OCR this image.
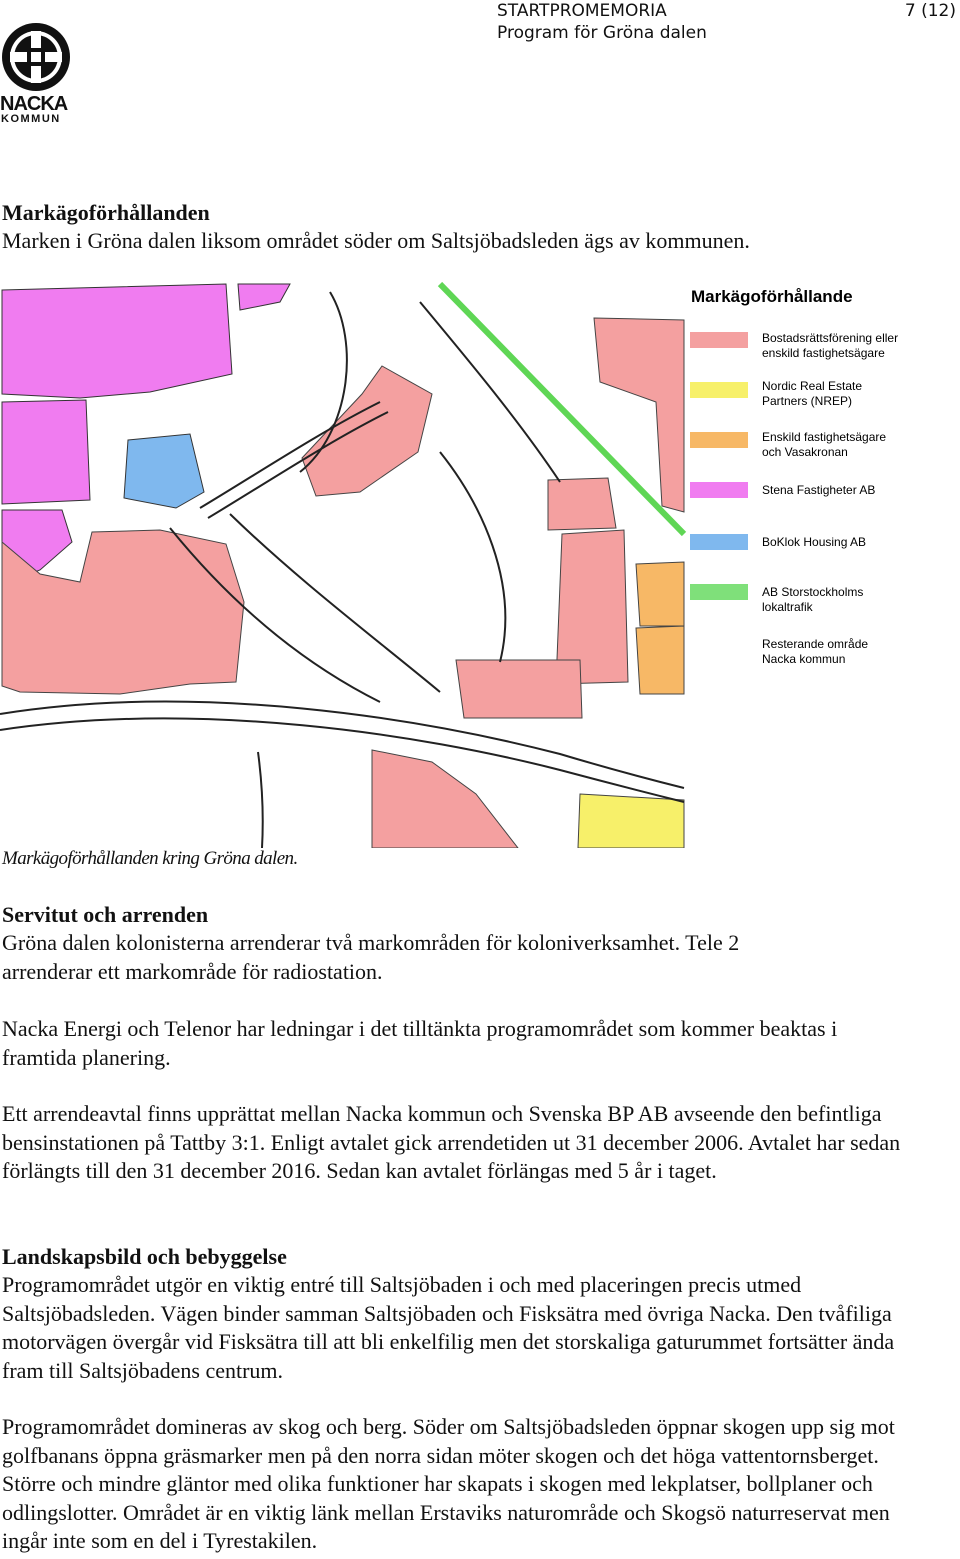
STARTPROMEMORIA
Program för Gröna dalen
7 (12)
NACKA
KOMMUN
Markägoförhållanden

Marken i Gröna dalen liksom området söder om Saltsjöbadsleden ägs av kommunen.

Markägoförhållande
Bostadsrättsförening eller
enskild fastighetsägare
Nordic Real Estate
Partners (NREP)
Enskild fastighetsägare
och Vasakronan
Stena Fastigheter AB
BoKlok Housing AB
AB Storstockholms
lokaltrafik
Resterande område
Nacka kommun
Markägoförhållanden kring Gröna dalen.
Servitut och arrenden

Gröna dalen kolonisterna arrenderar två markområden för koloniverksamhet. Tele 2 arrenderar ett markområde för radiostation.

Nacka Energi och Telenor har ledningar i det tilltänkta programområdet som kommer beaktas i framtida planering.

Ett arrendeavtal finns upprättat mellan Nacka kommun och Svenska BP AB avseende den befintliga bensinstationen på Tattby 3:1. Enligt avtalet gick arrendetiden ut 31 december 2006. Avtalet har sedan förlängts till den 31 december 2016. Sedan kan avtalet förlängas med 5 år i taget.

Landskapsbild och bebyggelse

Programområdet utgör en viktig entré till Saltsjöbaden i och med placeringen precis utmed Saltsjöbadsleden. Vägen binder samman Saltsjöbaden och Fisksätra med övriga Nacka. Den tvåfiliga motorvägen övergår vid Fisksätra till att bli enkelfilig men det storskaliga gaturummet fortsätter ända fram till Saltsjöbadens centrum.

Programområdet domineras av skog och berg. Söder om Saltsjöbadsleden öppnar skogen upp sig mot golfbanans öppna gräsmarker men på den norra sidan möter skogen och det höga vattentornsberget. Större och mindre gläntor med olika funktioner har skapats i skogen med lekplatser, bollplaner och odlingslotter. Området är en viktig länk mellan Erstaviks naturområde och Skogsö naturreservat men ingår inte som en del i Tyrestakilen.
